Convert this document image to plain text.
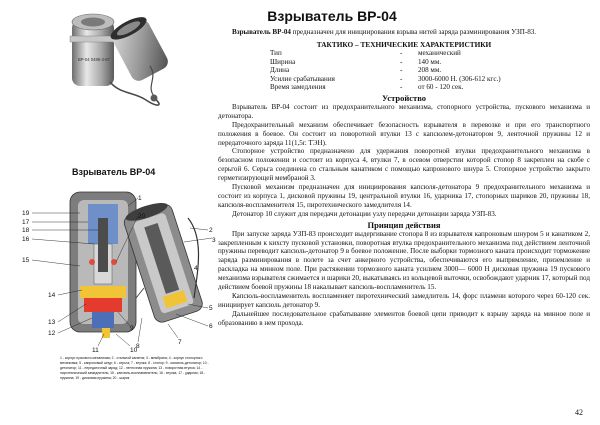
Взрыватель ВР-04
ВР-04 0489-3-87
Взрыватель ВР-04
19
17
18
16
15
14
13
12
11	10
9
1
20
2
3
5
6
7
8
4
1 - корпус пускового механизма; 2 - стальной канатик; 3 - мембрана; 4 - корпус стопорного механизма; 5 - капроновый шнур; 6 - серьга; 7 - втулка; 8 - стопор; 9 - капсюль-детонатор; 10 - детонатор; 11 - передаточный заряд; 12 - ленточная пружина; 13 - поворотная втулка; 14 - пиротехнический замедлитель; 15 - капсюль-воспламенитель; 16 - втулка; 17 - ударник; 18 - пружина; 19 - дисковая пружина; 20 - шарик

Взрыватель ВР-04 предназначен для инициирования взрыва нитей заряда разминирования УЗП-83.

ТАКТИКО – ТЕХНИЧЕСКИЕ ХАРАКТЕРИСТИКИ
Тип	-	механический
Ширина	-	140 мм.
Длина	-	208 мм.
Усилие срабатывания	-	3000-6000 Н. (306-612 кгс.)
Время замедления	-	от 60 - 120 сек.
Устройство

Взрыватель ВР-04 состоит из предохранительного механизма, стопорного устройства, пускового механизма и детонатора.

Предохранительный механизм обеспечивает безопасность взрывателя в перевозке и при его транспортного положения в боевое. Он состоит из поворотной втулки 13 с капсюлем-детонатором 9, ленточной пружины 12 и передаточного заряда 11(1,5г. ТЭН).

Стопорное устройство предназначено для удержания поворотной втулки предохранительного механизма в безопасном положении и состоит из корпуса 4, втулки 7, в осевом отверстии которой стопор 8 закреплен на скобе с серьгой 6. Серьга соединена со стальным канатиком с помощью капронового шнура 5. Стопорное устройство закрыто герметизирующей мембраной 3.

Пусковой механизм предназначен для инициирования капсюля-детонатора 9 предохранительного механизма и состоит из корпуса 1, дисковой пружины 19, центральной втулки 16, ударника 17, стопорных шариков 20, пружины 18, капсюля-воспламенителя 15, пиротехнического замедлителя 14.

Детонатор 10 служит для передачи детонации узлу передачи детонации заряда УЗП-83.

Принцип действия

При запуске заряда УЗП-83 происходит выдергивание стопора 8 из взрывателя капроновым шнуром 5 и канатиком 2, закрепленным к кихсту пусковой установки, поворотная втулка предохранительного механизма под действием ленточной пружины переводит капсюль-детонатор 9 в боевое положение. После выборки тормозного каната происходит торможение заряда разминирования в полете за счет анкерного устройства, обеспечиваются его выпрямление, приземление и раскладка на минном поле. При растяжении тормозного каната усилием 3000— 6000 Н дисковая пружина 19 пускового механизма взрывателя сжимается и шарики 20, выкатываясь из кольцевой выточки, освобождают ударник 17, который под действием боевой пружины 18 накалывает капсюль-воспламенитель 15.

Капсюль-воспламенитель воспламеняет пиротехнический замедлитель 14, форс пламени которого через 60-120 сек. инициирует капсюль детонатор 9.

Дальнейшее последовательное срабатывание элементов боевой цепи приводит к взрыву заряда на минное поле и образованию в нем прохода.

42
